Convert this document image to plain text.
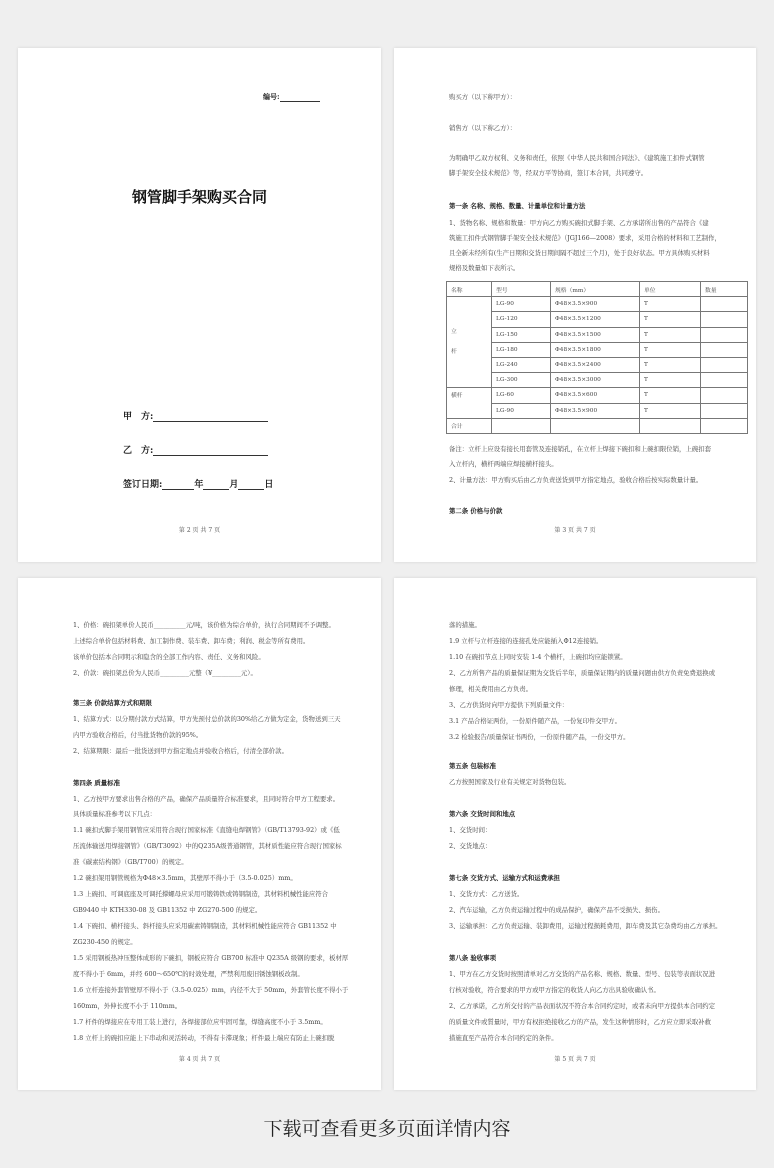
编号:
钢管脚手架购买合同
甲　方:
乙　方:
签订日期:	年	月	日
第 2 页 共 7 页
购买方（以下称甲方）：
销售方（以下称乙方）：
为明确甲乙双方权利、义务和责任，依照《中华人民共和国合同法》、《建筑施工扣件式钢管
脚手架安全技术规范》等，经双方平等协商，签订本合同，共同遵守。
第一条 名称、规格、数量、计量单位和计量方法
1、货物名称、规格和数量：甲方向乙方购买碗扣式脚手架、乙方承诺所出售的产品符合《建
筑施工扣件式钢管脚手架安全技术规范》（JGJ166—2008）要求，采用合格的材料和工艺制作，
且全新未经所有(生产日期和交货日期间隔不超过三个月)，处于良好状态。甲方具体购买材料
规格及数量如下表所示。
名称	型号	规格（mm）	单位	数量
立
杆	LG-90	Φ48×3.5×900	T	
	LG-120	Φ48×3.5×1200	T	
	LG-150	Φ48×3.5×1500	T	
	LG-180	Φ48×3.5×1800	T	
	LG-240	Φ48×3.5×2400	T	
	LG-300	Φ48×3.5×3000	T	
横杆	LG-60	Φ48×3.5×600	T	
	LG-90	Φ48×3.5×900	T	
合计				
备注：立杆上应设有接长用套管及连接销孔，在立杆上焊接下碗扣和上碗扣限位销，上碗扣套
入立杆内，横杆两端应焊接横杆接头。
2、计量方法：甲方购买后由乙方负责送货到甲方指定地点，验收合格后按实际数量计量。
第二条 价格与价款
第 3 页 共 7 页
1、价格：碗扣架单价人民币__________元/吨，该价格为综合单价，执行合同期间不予调整。
上述综合单价包括材料费、加工制作费、装车费、卸车费；利润、税金等所有费用。
该单价包括本合同明示和隐含的全部工作内容、责任、义务和风险。
2、价款：碗扣架总价为人民币_________元整（¥_________元）。
第三条 价款结算方式和期限
1、结算方式：以分期付款方式结算，甲方先预付总价款的30%给乙方做为定金，货物送到三天
内甲方验收合格后，付当批货物价款的95%。
2、结算期限：最后一批货送到甲方指定地点并验收合格后，付清全部价款。
第四条 质量标准
1、乙方按甲方要求出售合格的产品，确保产品质量符合标准要求，且同时符合甲方工程要求。
具体质量标准参考以下几点：
1.1 碗扣式脚手架用钢管应采用符合现行国家标准《直缝电焊钢管》（GB/T13793-92）或《低
压流体输送用焊接钢管》（GB/T3092）中的Q235A级普通钢管，其材质性能应符合现行国家标
准《碳素结构钢》（GB/T700）的规定。
1.2 碗扣架用钢管规格为Φ48×3.5mm，其壁厚不得小于（3.5-0.025）mm。
1.3 上碗扣、可调底座及可调托撑螺母应采用可锻铸铁或铸钢制造，其材料机械性能应符合
GB9440 中 KTH330-08 及 GB11352 中 ZG270-500 的规定。
1.4 下碗扣、横杆接头、斜杆接头应采用碳素铸钢制造，其材料机械性能应符合 GB11352 中
ZG230-450 的规定。
1.5 采用钢板热冲压整体成形的下碗扣，钢板应符合 GB700 标准中 Q235A 级钢的要求，板材厚
度不得小于 6mm，并经 600～650℃的时效处理，严禁利用废旧锈蚀钢板改制。
1.6 立杆连接外套管壁厚不得小于（3.5-0.025）mm，内径不大于 50mm，外套管长度不得小于
160mm，外伸长度不小于 110mm。
1.7 杆件的焊接应在专用工装上进行，各焊接部位应牢固可靠，焊缝高度不小于 3.5mm。
1.8 立杆上的碗扣应能上下串动和灵活转动，不得有卡滞现象；杆件最上端应有防止上碗扣脱
第 4 页 共 7 页
落的措施。
1.9 立杆与立杆连接的连接孔处应能插入Φ12连接销。
1.10 在碗扣节点上同时安装 1-4 个横杆，上碗扣均应能锁紧。
2、乙方所售产品的质量保证期为交货后半年，质量保证期内的质量问题由供方负责免费退换或
修理，相关费用由乙方负责。
3、乙方供货时向甲方提供下列质量文件：
3.1 产品合格证两份，一份原件随产品，一份复印件交甲方。
3.2 检验报告/质量保证书两份，一份原件随产品，一份交甲方。
第五条 包装标准
乙方按照国家及行业有关规定对货物包装。
第六条 交货时间和地点
1、交货时间：
2、交货地点：
第七条 交货方式、运输方式和运费承担
1、交货方式：乙方送货。
2、汽车运输，乙方负责运输过程中的成品保护，确保产品不受损失、损伤。
3、运输承担：乙方负责运输、装卸费用，运输过程损耗费用，卸车费及其它杂费均由乙方承担。
第八条 验收事项
1、甲方在乙方交货时按照清单对乙方交货的产品名称、规格、数量、型号、包装等表面状况进
行核对验收，符合要求的甲方或甲方指定的收货人向乙方出具验收确认书。
2、乙方承诺，乙方所交付的产品表面状况不符合本合同约定时，或者未向甲方提供本合同约定
的质量文件或質量时，甲方有权拒绝接收乙方的产品，发生这种情形时，乙方应立即采取补救
措施直至产品符合本合同约定的条件。
第 5 页 共 7 页
下载可查看更多页面详情内容
